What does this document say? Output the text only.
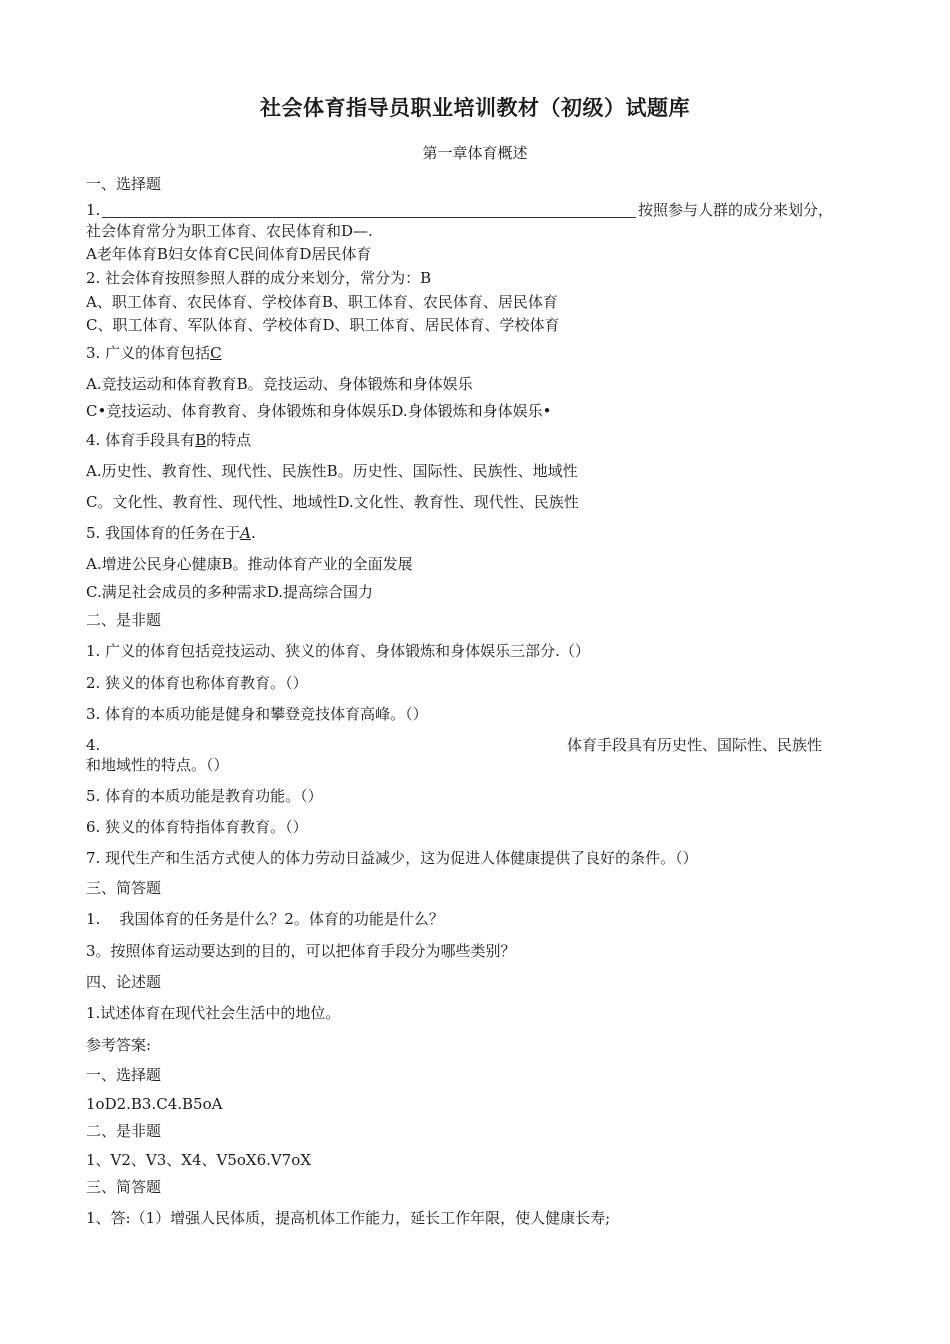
社会体育指导员职业培训教材（初级）试题库
第一章体育概述
一、选择题
1.	按照参与人群的成分来划分，
社会体育常分为职工体育、农民体育和D—.
A老年体育B妇女体育C民间体育D居民体育
2. 社会体育按照参照人群的成分来划分，常分为：B
A、职工体育、农民体育、学校体育B、职工体育、农民体育、居民体育
C、职工体育、军队体育、学校体育D、职工体育、居民体育、学校体育
3. 广义的体育包括C
A.竞技运动和体育教育B。竞技运动、身体锻炼和身体娱乐
C•竞技运动、体育教育、身体锻炼和身体娱乐D.身体锻炼和身体娱乐•
4. 体育手段具有B的特点
A.历史性、教育性、现代性、民族性B。历史性、国际性、民族性、地域性
C。文化性、教育性、现代性、地域性D.文化性、教育性、现代性、民族性
5. 我国体育的任务在于A.
A.增进公民身心健康B。推动体育产业的全面发展
C.满足社会成员的多种需求D.提高综合国力
二、是非题
1. 广义的体育包括竞技运动、狭义的体育、身体锻炼和身体娱乐三部分.（）
2. 狭义的体育也称体育教育。（）
3. 体育的本质功能是健身和攀登竞技体育高峰。（）
4.	体育手段具有历史性、国际性、民族性
和地域性的特点。（）
5. 体育的本质功能是教育功能。（）
6. 狭义的体育特指体育教育。（）
7. 现代生产和生活方式使人的体力劳动日益减少，这为促进人体健康提供了良好的条件。（）
三、简答题
1.    我国体育的任务是什么？2。体育的功能是什么？
3。按照体育运动要达到的目的，可以把体育手段分为哪些类别？
四、论述题
1.试述体育在现代社会生活中的地位。
参考答案:
一、选择题
1oD2.B3.C4.B5oA
二、是非题
1、V2、V3、X4、V5oX6.V7oX
三、简答题
1、答:（1）增强人民体质，提高机体工作能力，延长工作年限，使人健康长寿;
